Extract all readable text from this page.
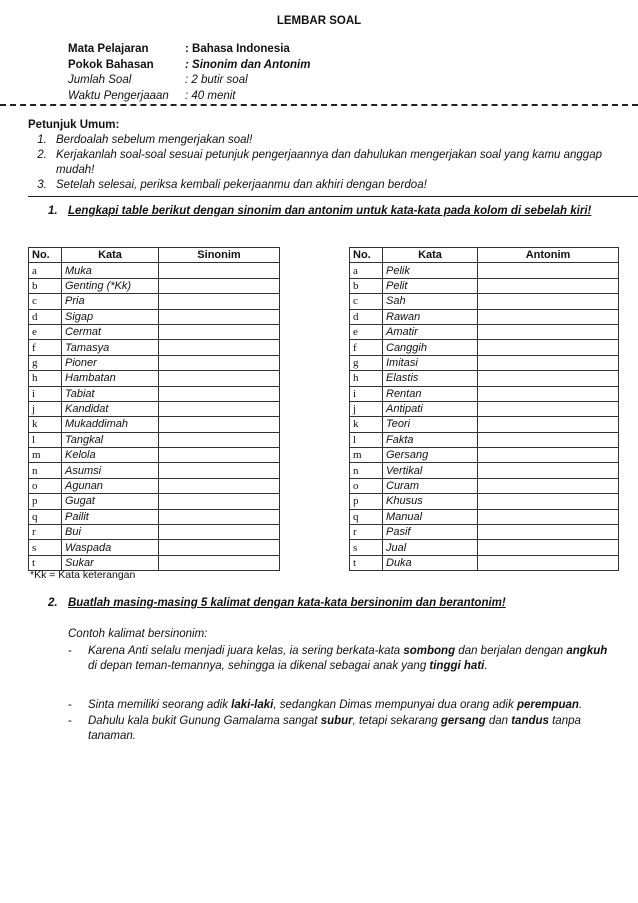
LEMBAR SOAL
Mata Pelajaran	: Bahasa Indonesia
Pokok Bahasan	: Sinonim dan Antonim
Jumlah Soal	: 2 butir soal
Waktu Pengerjaaan : 40 menit
Petunjuk Umum:
1. Berdoalah sebelum mengerjakan soal!
2. Kerjakanlah soal-soal sesuai petunjuk pengerjaannya dan dahulukan mengerjakan soal yang kamu anggap mudah!
3. Setelah selesai, periksa kembali pekerjaanmu dan akhiri dengan berdoa!
1. Lengkapi table berikut dengan sinonim dan antonim untuk kata-kata pada kolom di sebelah kiri!
No.	Kata	Sinonim
a	Muka	
b	Genting (*Kk)	
c	Pria	
d	Sigap	
e	Cermat	
f	Tamasya	
g	Pioner	
h	Hambatan	
i	Tabiat	
j	Kandidat	
k	Mukaddimah	
l	Tangkal	
m	Kelola	
n	Asumsi	
o	Agunan	
p	Gugat	
q	Pailit	
r	Bui	
s	Waspada	
t	Sukar	
No.	Kata	Antonim
a	Pelik	
b	Pelit	
c	Sah	
d	Rawan	
e	Amatir	
f	Canggih	
g	Imitasi	
h	Elastis	
i	Rentan	
j	Antipati	
k	Teori	
l	Fakta	
m	Gersang	
n	Vertikal	
o	Curam	
p	Khusus	
q	Manual	
r	Pasif	
s	Jual	
t	Duka	
*Kk = Kata keterangan
2. Buatlah masing-masing 5 kalimat dengan kata-kata bersinonim dan berantonim!
Contoh kalimat bersinonim:
- Karena Anti selalu menjadi juara kelas, ia sering berkata-kata sombong dan berjalan dengan angkuh di depan teman-temannya, sehingga ia dikenal sebagai anak yang tinggi hati.
- Sinta memiliki seorang adik laki-laki, sedangkan Dimas mempunyai dua orang adik perempuan.
- Dahulu kala bukit Gunung Gamalama sangat subur, tetapi sekarang gersang dan tandus tanpa tanaman.
